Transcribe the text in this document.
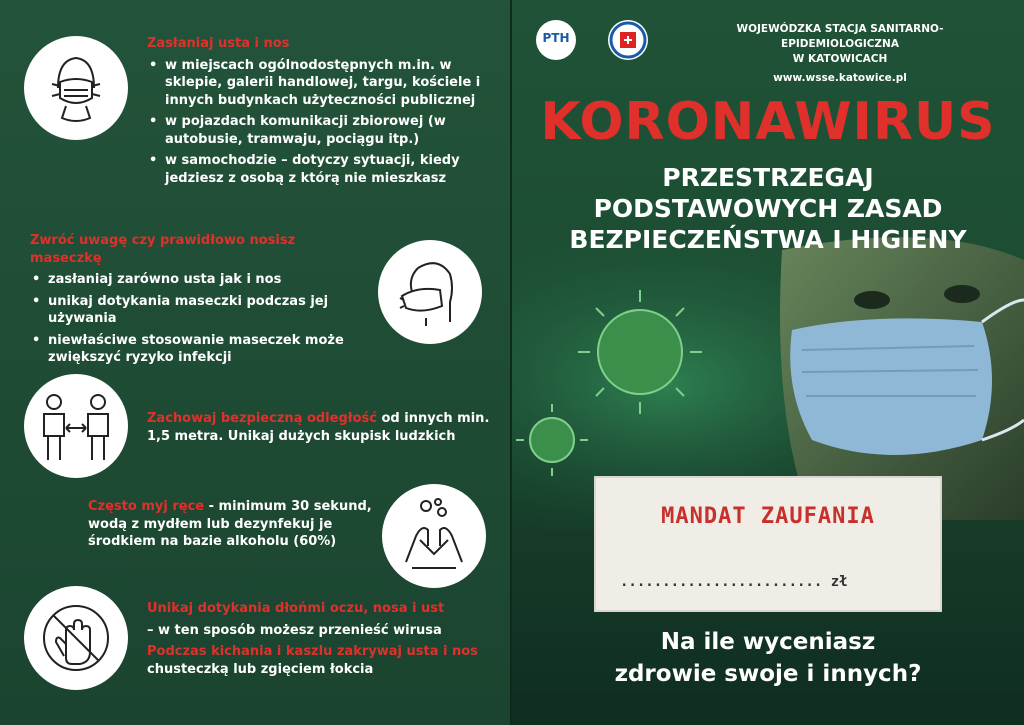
Zasłaniaj usta i nos
• w miejscach ogólnodostępnych m.in. w sklepie, galerii handlowej, targu, kościele i innych budynkach użyteczności publicznej
• w pojazdach komunikacji zbiorowej (w autobusie, tramwaju, pociągu itp.)
• w samochodzie – dotyczy sytuacji, kiedy jedziesz z osobą z którą nie mieszkasz
Zwróć uwagę czy prawidłowo nosisz maseczkę
• zasłaniaj zarówno usta jak i nos
• unikaj dotykania maseczki podczas jej używania
• niewłaściwe stosowanie maseczek może zwiększyć ryzyko infekcji
1,5 m
Zachowaj bezpieczną odległość od innych min. 1,5 metra. Unikaj dużych skupisk ludzkich
Często myj ręce - minimum 30 sekund, wodą z mydłem lub dezynfekuj je środkiem na bazie alkoholu (60%)
Unikaj dotykania dłońmi oczu, nosa i ust
– w ten sposób możesz przenieść wirusa
Podczas kichania i kaszlu zakrywaj usta i nos chusteczką lub zgięciem łokcia
PTH
WOJEWÓDZKA STACJA SANITARNO-EPIDEMIOLOGICZNA
W KATOWICACH
www.wsse.katowice.pl
KORONAWIRUS
PRZESTRZEGAJ
PODSTAWOWYCH ZASAD
BEZPIECZEŃSTWA I HIGIENY
MANDAT ZAUFANIA
........................ zł
Na ile wyceniasz
zdrowie swoje i innych?
